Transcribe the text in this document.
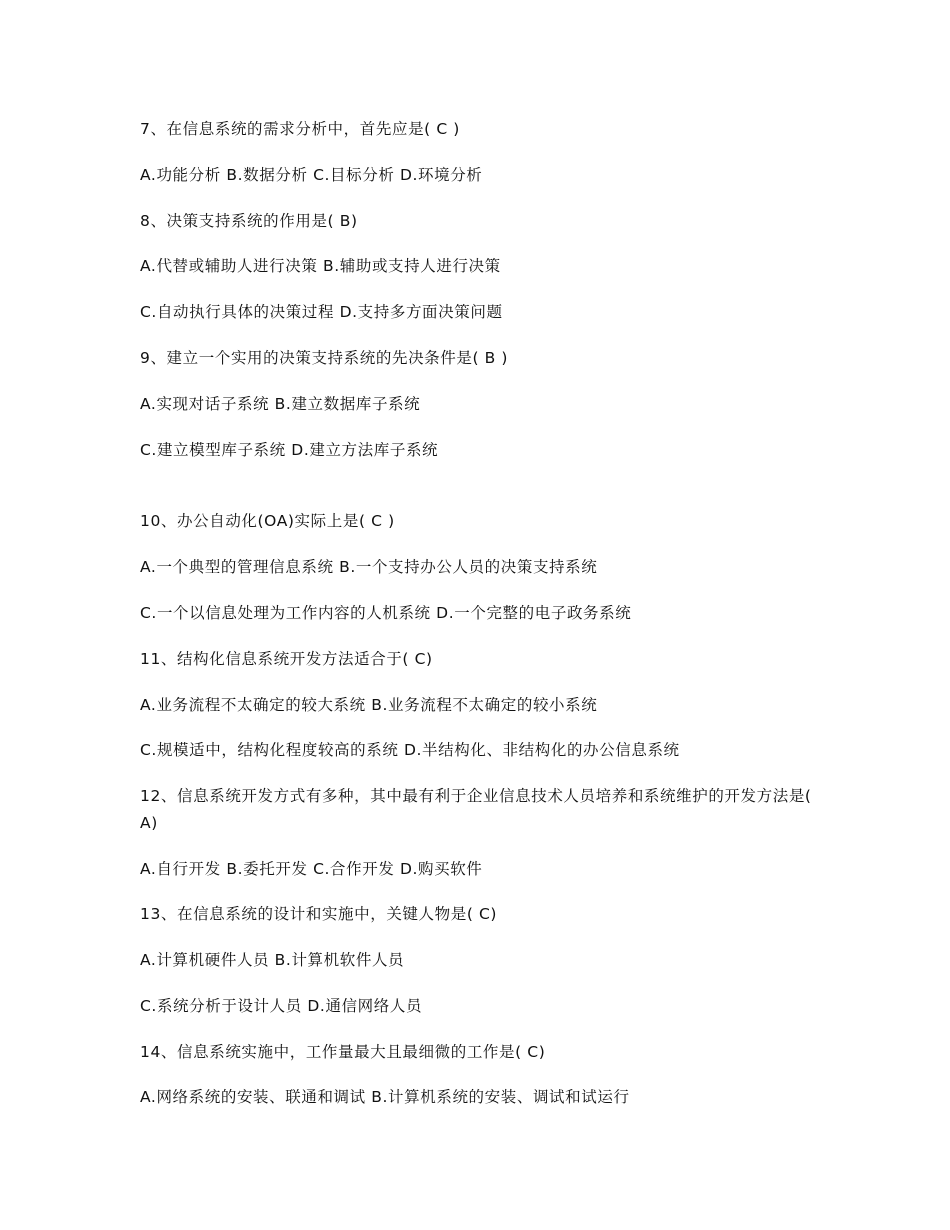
7、在信息系统的需求分析中，首先应是( C )
A.功能分析 B.数据分析 C.目标分析 D.环境分析
8、决策支持系统的作用是( B)
A.代替或辅助人进行决策 B.辅助或支持人进行决策
C.自动执行具体的决策过程 D.支持多方面决策问题
9、建立一个实用的决策支持系统的先决条件是( B )
A.实现对话子系统 B.建立数据库子系统
C.建立模型库子系统 D.建立方法库子系统
10、办公自动化(OA)实际上是( C )
A.一个典型的管理信息系统 B.一个支持办公人员的决策支持系统
C.一个以信息处理为工作内容的人机系统 D.一个完整的电子政务系统
11、结构化信息系统开发方法适合于( C)
A.业务流程不太确定的较大系统 B.业务流程不太确定的较小系统
C.规模适中，结构化程度较高的系统 D.半结构化、非结构化的办公信息系统
12、信息系统开发方式有多种，其中最有利于企业信息技术人员培养和系统维护的开发方法是( A)
A.自行开发 B.委托开发 C.合作开发 D.购买软件
13、在信息系统的设计和实施中，关键人物是( C)
A.计算机硬件人员 B.计算机软件人员
C.系统分析于设计人员 D.通信网络人员
14、信息系统实施中，工作量最大且最细微的工作是( C)
A.网络系统的安装、联通和调试 B.计算机系统的安装、调试和试运行
